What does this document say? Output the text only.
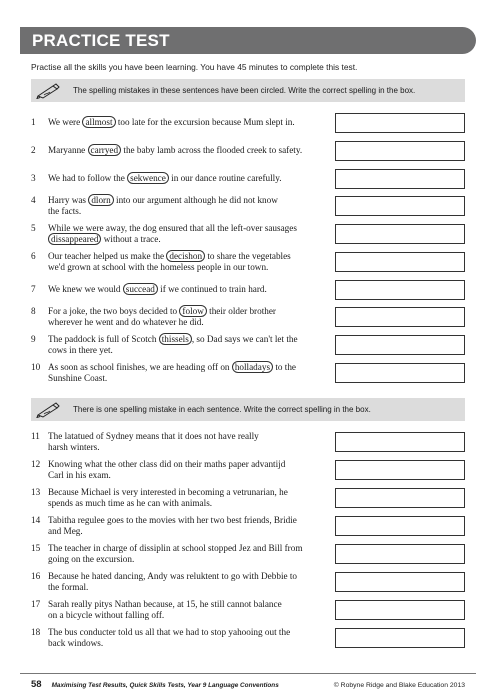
PRACTICE TEST
Practise all the skills you have been learning. You have 45 minutes to complete this test.
The spelling mistakes in these sentences have been circled. Write the correct spelling in the box.
1	We were allmost too late for the excursion because Mum slept in.
2	Maryanne carryed the baby lamb across the flooded creek to safety.
3	We had to follow the sekwence in our dance routine carefully.
4	Harry was dlorn into our argument although he did not know
the facts.
5	While we were away, the dog ensured that all the left-over sausages
dissappeared without a trace.
6	Our teacher helped us make the decishon to share the vegetables
we'd grown at school with the homeless people in our town.
7	We knew we would succead if we continued to train hard.
8	For a joke, the two boys decided to folow their older brother
wherever he went and do whatever he did.
9	The paddock is full of Scotch thissels , so Dad says we can't let the
cows in there yet.
10 As soon as school finishes, we are heading off on holladays to the
Sunshine Coast.
There is one spelling mistake in each sentence. Write the correct spelling in the box.
11 The latatued of Sydney means that it does not have really
harsh winters.
12 Knowing what the other class did on their maths paper advantijd
Carl in his exam.
13 Because Michael is very interested in becoming a vetrunarian, he
spends as much time as he can with animals.
14 Tabitha regulee goes to the movies with her two best friends, Bridie
and Meg.
15 The teacher in charge of dissiplin at school stopped Jez and Bill from
going on the excursion.
16 Because he hated dancing, Andy was reluktent to go with Debbie to
the formal.
17 Sarah really pitys Nathan because, at 15, he still cannot balance
on a bicycle without falling off.
18 The bus conducter told us all that we had to stop yahooing out the
back windows.
58 Maximising Test Results, Quick Skills Tests, Year 9 Language Conventions	© Robyne Ridge and Blake Education 2013
